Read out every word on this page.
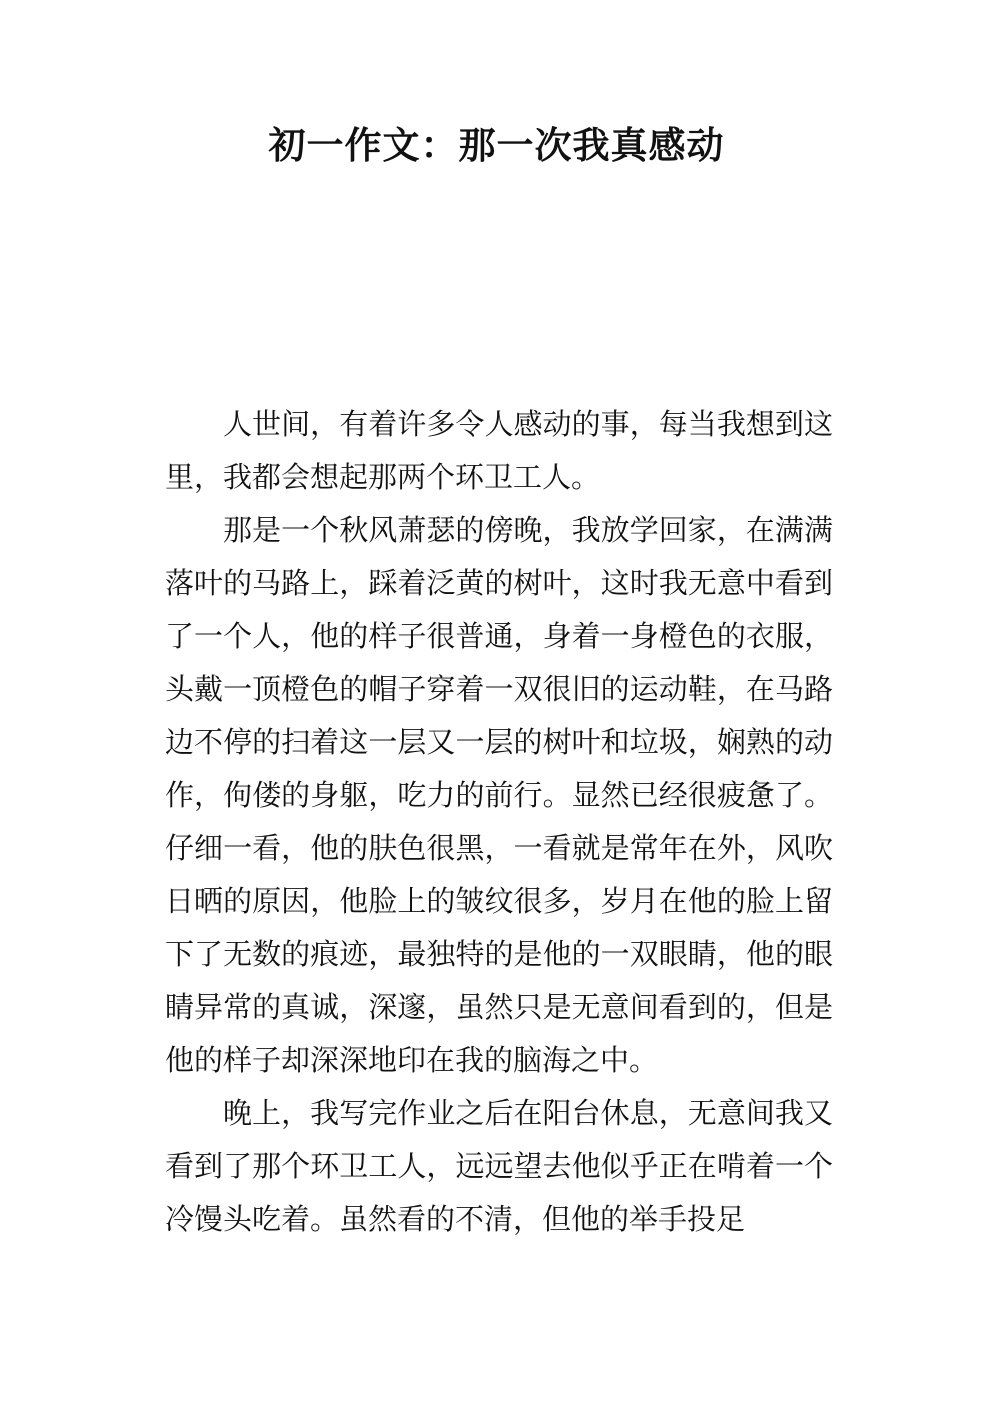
初一作文：那一次我真感动

人世间，有着许多令人感动的事，每当我想到这里，我都会想起那两个环卫工人。

那是一个秋风萧瑟的傍晚，我放学回家，在满满落叶的马路上，踩着泛黄的树叶，这时我无意中看到了一个人，他的样子很普通，身着一身橙色的衣服，头戴一顶橙色的帽子穿着一双很旧的运动鞋，在马路边不停的扫着这一层又一层的树叶和垃圾，娴熟的动作，佝偻的身躯，吃力的前行。显然已经很疲惫了。仔细一看，他的肤色很黑，一看就是常年在外，风吹日晒的原因，他脸上的皱纹很多，岁月在他的脸上留下了无数的痕迹，最独特的是他的一双眼睛，他的眼睛异常的真诚，深邃，虽然只是无意间看到的，但是他的样子却深深地印在我的脑海之中。

晚上，我写完作业之后在阳台休息，无意间我又看到了那个环卫工人，远远望去他似乎正在啃着一个冷馒头吃着。虽然看的不清，但他的举手投足
